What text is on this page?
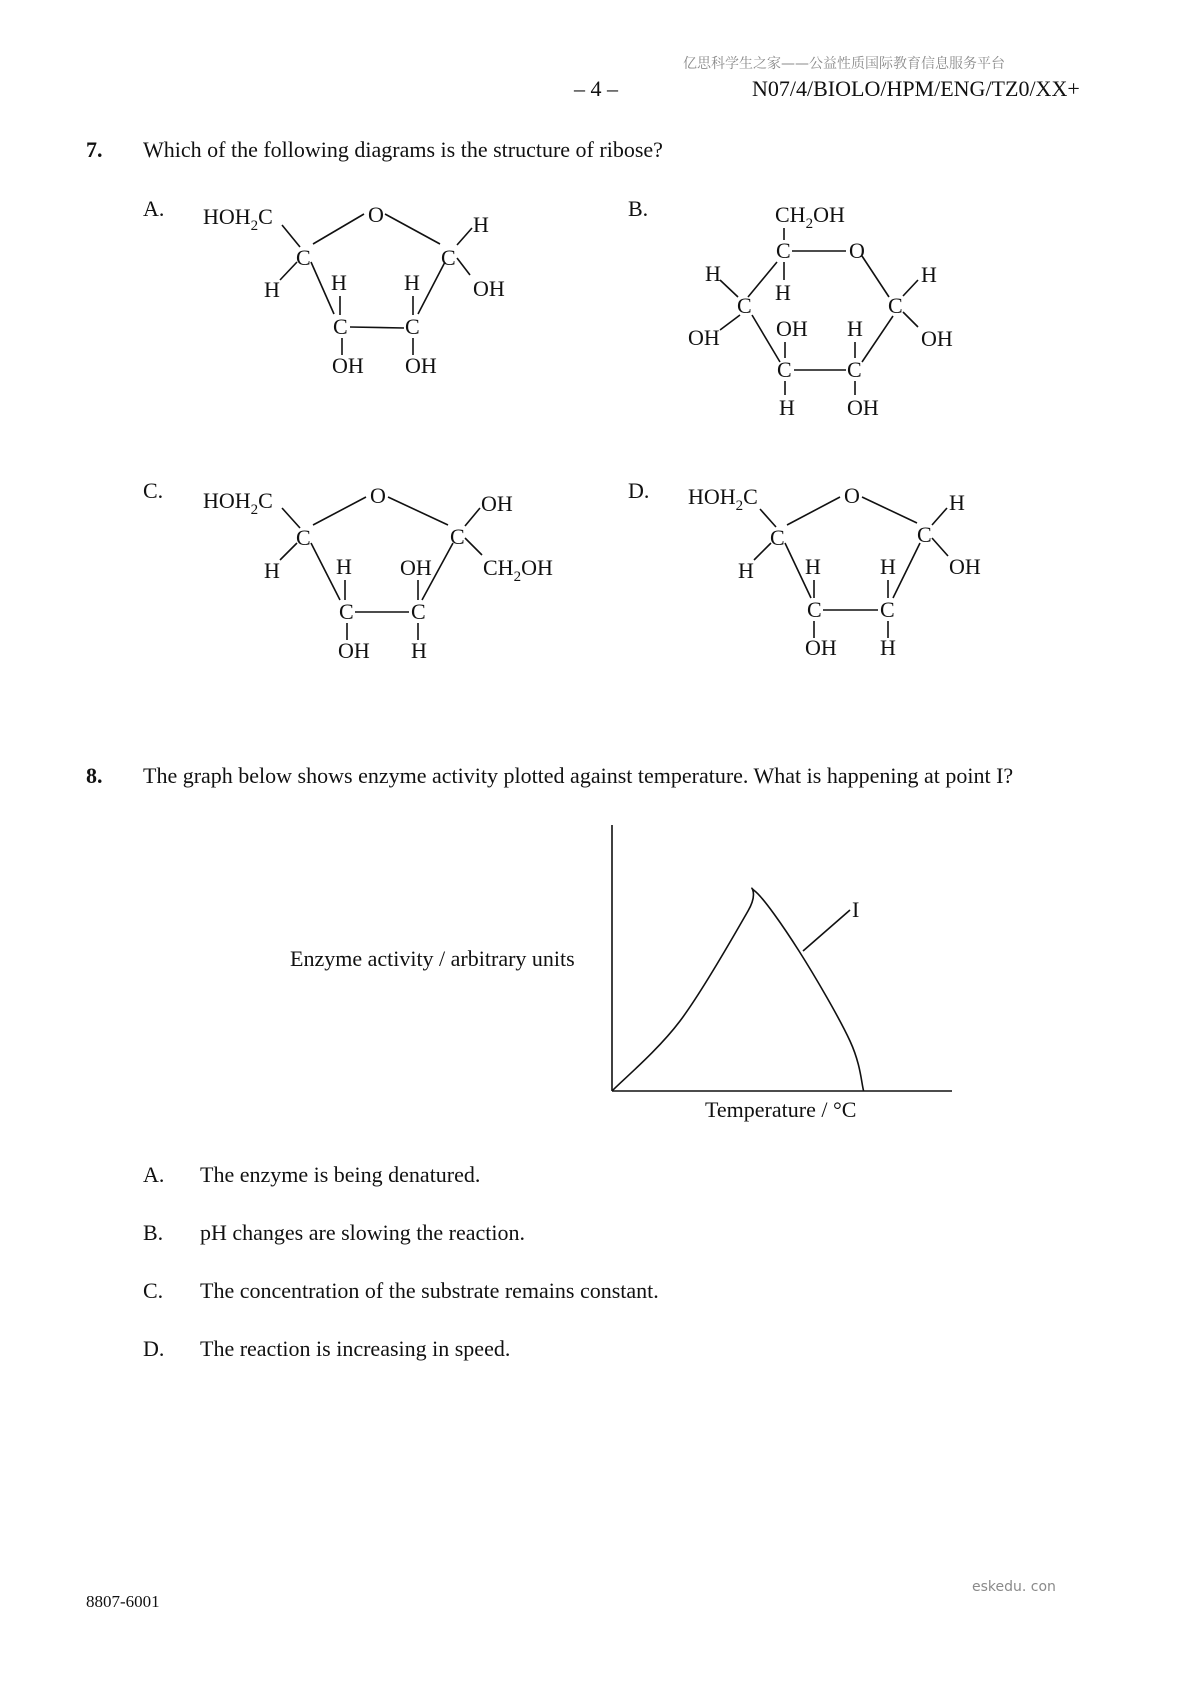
亿思科学生之家——公益性质国际教育信息服务平台
– 4 –	N07/4/BIOLO/HPM/ENG/TZ0/XX+
7. Which of the following diagrams is the structure of ribose?
A.	B.
C.	D.
$HOH_2C$	O	H
C	C
H H	H OH
C	C
OH OH
$CH_2OH$
C	O
H
H
H
C	C
OH	OH H	OH
C	C
H OH
$HOH_2C$	O	OH
C	C
H	H OH $CH_2OH$
C	C
OH H
$HOH_2C$	O	H
C	C
H H	H OH
C	C
OH H
8. The graph below shows enzyme activity plotted against temperature. What is happening at point I?
Enzyme activity / arbitrary units
I
Temperature / °C
A. The enzyme is being denatured.
B. pH changes are slowing the reaction.
C. The concentration of the substrate remains constant.
D. The reaction is increasing in speed.
eskedu. con
8807-6001
